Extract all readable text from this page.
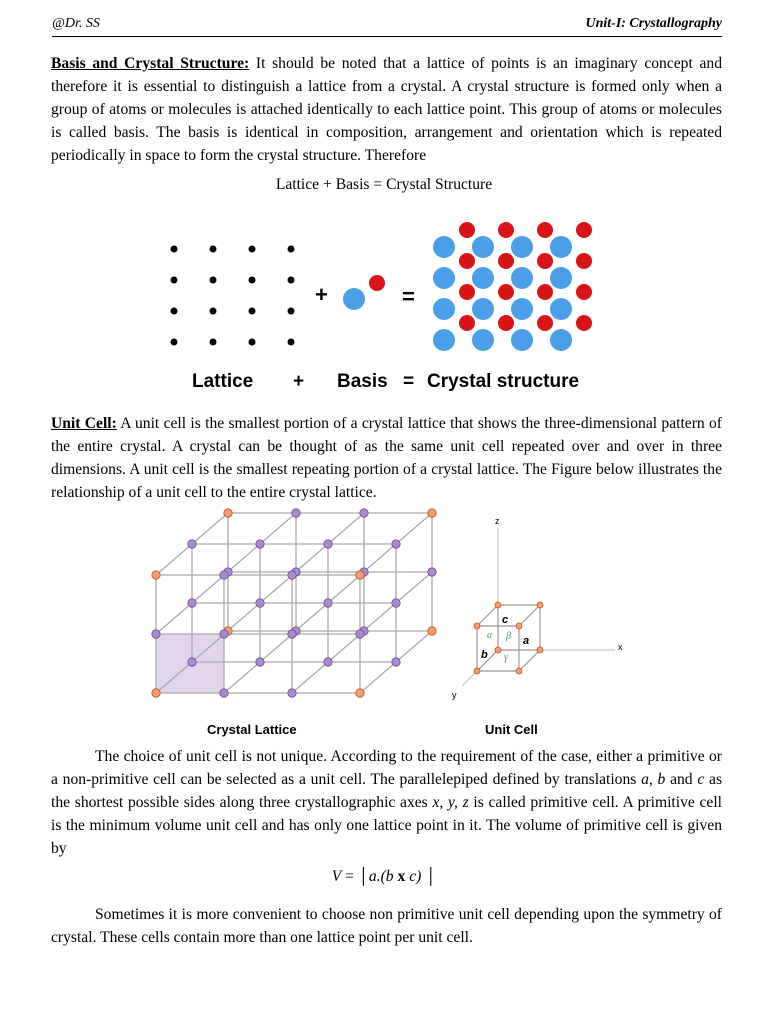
@Dr. SS	Unit-I: Crystallography
Basis and Crystal Structure: It should be noted that a lattice of points is an imaginary concept and therefore it is essential to distinguish a lattice from a crystal. A crystal structure is formed only when a group of atoms or molecules is attached identically to each lattice point. This group of atoms or molecules is called basis. The basis is identical in composition, arrangement and orientation which is repeated periodically in space to form the crystal structure. Therefore
Lattice + Basis = Crystal Structure
+	=
Lattice + Basis = Crystal structure
Unit Cell: A unit cell is the smallest portion of a crystal lattice that shows the three-dimensional pattern of the entire crystal. A crystal can be thought of as the same unit cell repeated over and over in three dimensions. A unit cell is the smallest repeating portion of a crystal lattice. The Figure below illustrates the relationship of a unit cell to the entire crystal lattice.
Crystal Lattice
z
x
y
c
a
b
α β
γ
Unit Cell
The choice of unit cell is not unique. According to the requirement of the case, either a primitive or a non-primitive cell can be selected as a unit cell. The parallelepiped defined by translations a, b and c as the shortest possible sides along three crystallographic axes x, y, z is called primitive cell. A primitive cell is the minimum volume unit cell and has only one lattice point in it. The volume of primitive cell is given by
V = │a.(b x c) │
Sometimes it is more convenient to choose non primitive unit cell depending upon the symmetry of crystal. These cells contain more than one lattice point per unit cell.
